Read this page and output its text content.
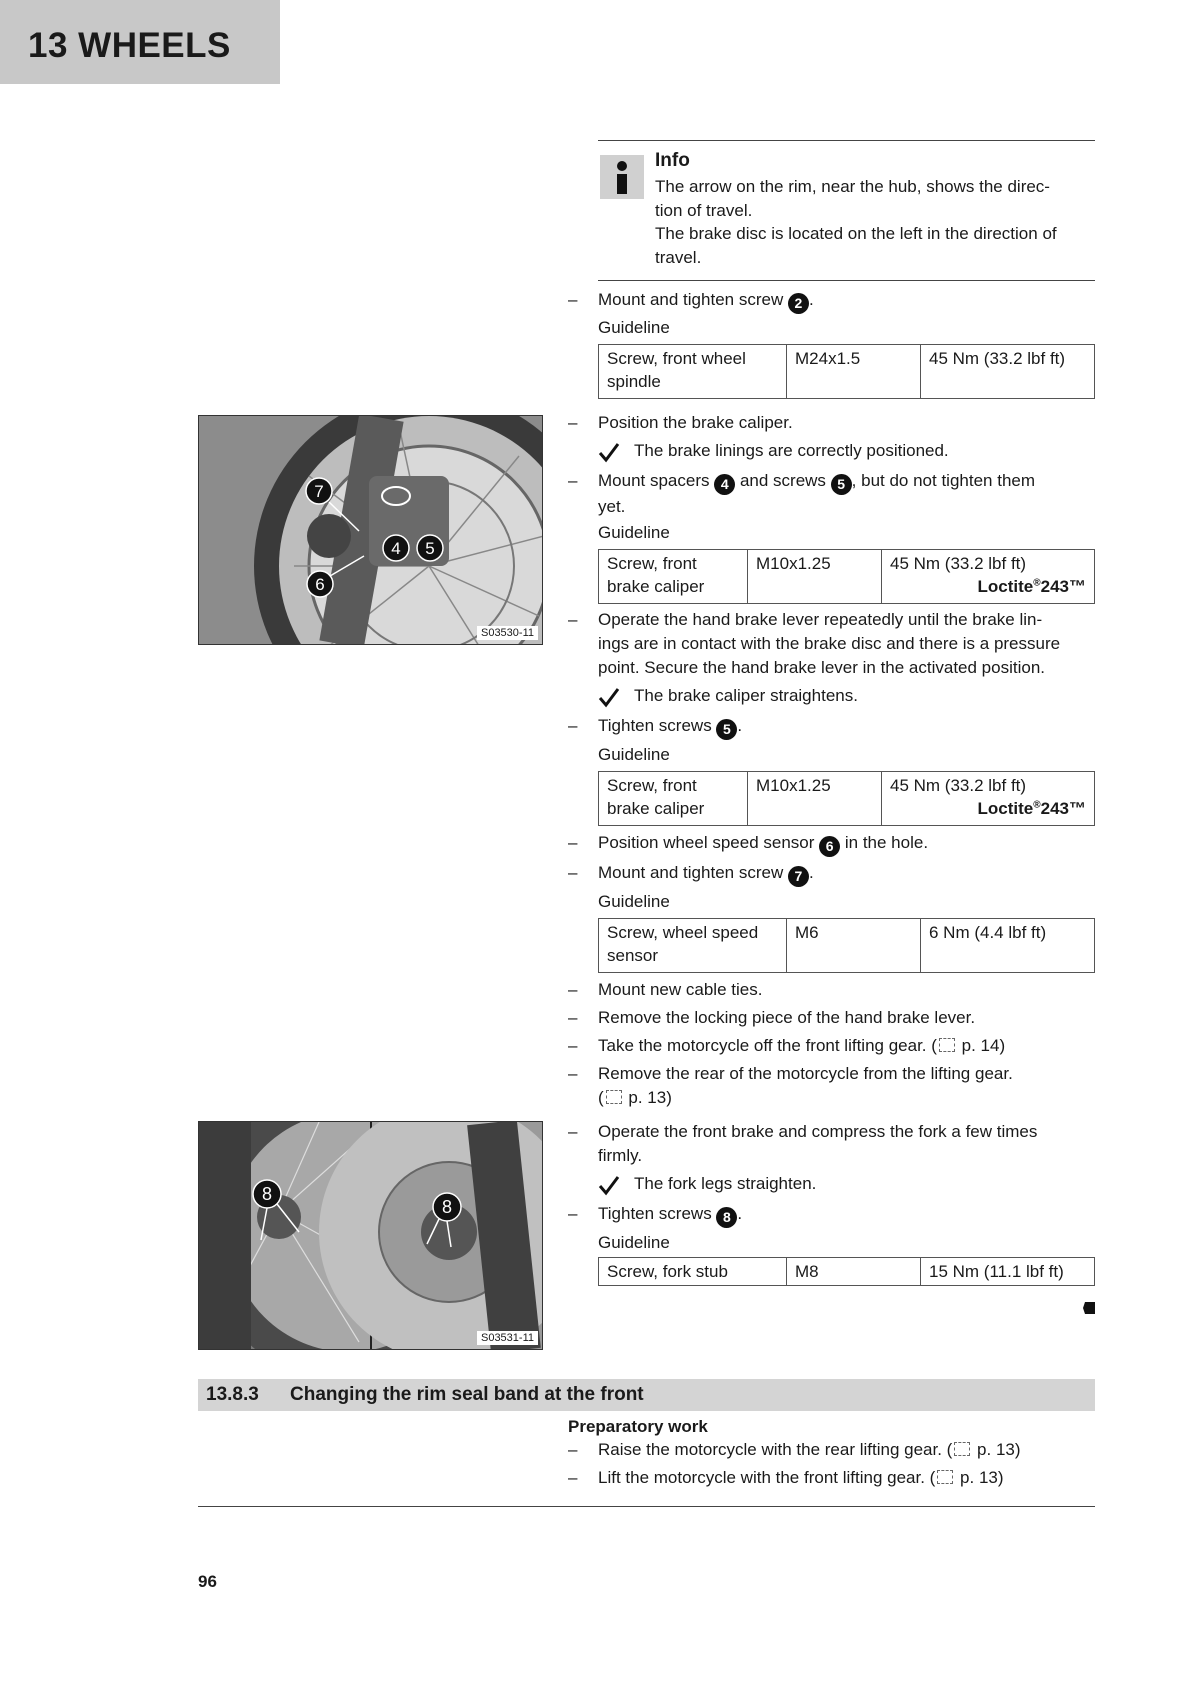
13 WHEELS
Info
The arrow on the rim, near the hub, shows the direc-
tion of travel.
The brake disc is located on the left in the direction of
travel.
– Mount and tighten screw 2 .
Guideline
Screw, front wheel
spindle
	M24x1.5	45 Nm (33.2 lbf ft)
7
4 5
6
S03530-11
– Position the brake caliper.
The brake linings are correctly positioned.
– Mount spacers 4 and screws 5 , but do not tighten them
yet.
Guideline
Screw, front
brake caliper
	M10x1.25	45 Nm (33.2 lbf ft)
Loctite®243™
– Operate the hand brake lever repeatedly until the brake lin-
ings are in contact with the brake disc and there is a pressure
point. Secure the hand brake lever in the activated position.
The brake caliper straightens.
– Tighten screws 5 .
Guideline
Screw, front
brake caliper
	M10x1.25	45 Nm (33.2 lbf ft)
Loctite®243™
– Position wheel speed sensor 6 in the hole.
– Mount and tighten screw 7 .
Guideline
Screw, wheel speed
sensor
	M6	6 Nm (4.4 lbf ft)
– Mount new cable ties.
– Remove the locking piece of the hand brake lever.
– Take the motorcycle off the front lifting gear. ( p. 14)
– Remove the rear of the motorcycle from the lifting gear.
( p. 13)
8
8
S03531-11
– Operate the front brake and compress the fork a few times
firmly.
The fork legs straighten.
– Tighten screws 8 .
Guideline
Screw, fork stub	M8	15 Nm (11.1 lbf ft)
13.8.3 Changing the rim seal band at the front
Preparatory work
– Raise the motorcycle with the rear lifting gear. ( p. 13)
– Lift the motorcycle with the front lifting gear. ( p. 13)
96
